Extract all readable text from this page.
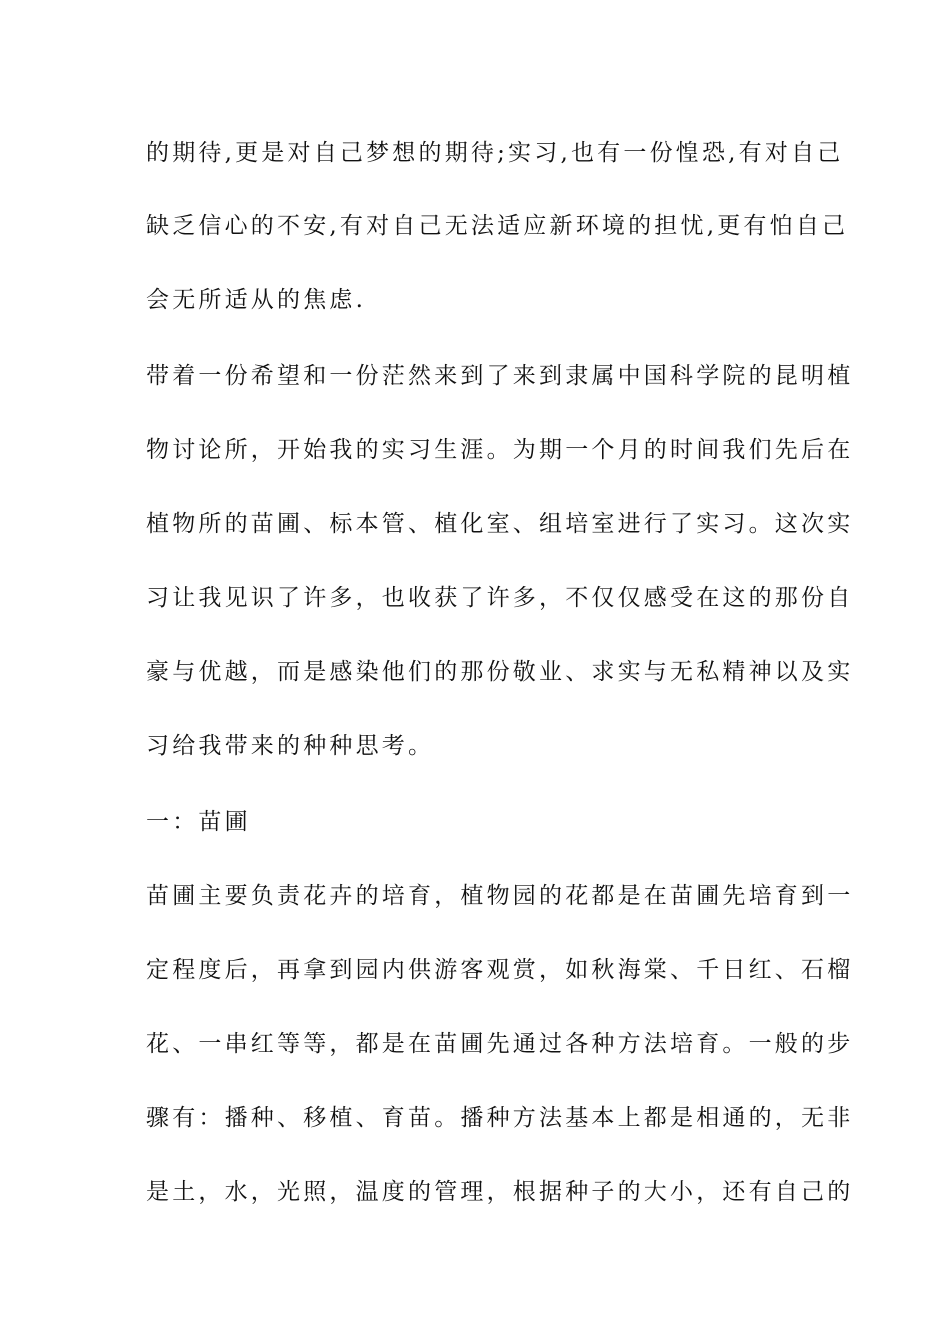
的期待,更是对自己梦想的期待;实习,也有一份惶恐,有对自己
缺乏信心的不安,有对自己无法适应新环境的担忧,更有怕自己
会无所适从的焦虑.
带着一份希望和一份茫然来到了来到隶属中国科学院的昆明植
物讨论所，开始我的实习生涯。为期一个月的时间我们先后在
植物所的苗圃、标本管、植化室、组培室进行了实习。这次实
习让我见识了许多，也收获了许多，不仅仅感受在这的那份自
豪与优越，而是感染他们的那份敬业、求实与无私精神以及实
习给我带来的种种思考。
一：苗圃
苗圃主要负责花卉的培育，植物园的花都是在苗圃先培育到一
定程度后，再拿到园内供游客观赏，如秋海棠、千日红、石榴
花、一串红等等，都是在苗圃先通过各种方法培育。一般的步
骤有：播种、移植、育苗。播种方法基本上都是相通的，无非
是土，水，光照，温度的管理，根据种子的大小，还有自己的
